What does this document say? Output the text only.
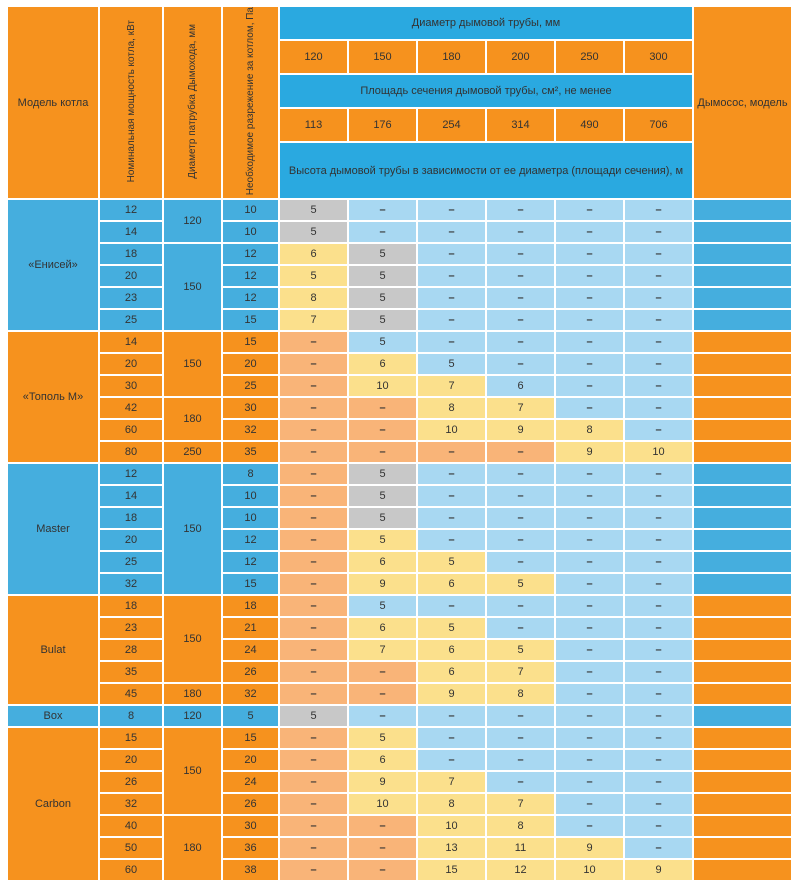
Модель котла	Номинальная мощность котла, кВт	Диаметр патрубка Дымохода, мм	Необходимое разрежение за котлом, Па	Диаметр дымовой трубы, мм						Дымосос, модель
				120	150	180	200	250	300	
				Площадь сечения дымовой трубы, см², не менее						
				113	176	254	314	490	706	
				Высота дымовой трубы в зависимости от ее диаметра (площади сечения), м						
«Енисей»	12	120	10	5	–	–	–	–	–	
	14		10	5	–	–	–	–	–	
	18	150	12	6	5	–	–	–	–	
	20		12	5	5	–	–	–	–	
	23		12	8	5	–	–	–	–	
	25		15	7	5	–	–	–	–	
«Тополь М»	14	150	15	–	5	–	–	–	–	
	20		20	–	6	5	–	–	–	
	30		25	–	10	7	6	–	–	
	42	180	30	–	–	8	7	–	–	
	60		32	–	–	10	9	8	–	
	80	250	35	–	–	–	–	9	10	
Master	12	150	8	–	5	–	–	–	–	
	14		10	–	5	–	–	–	–	
	18		10	–	5	–	–	–	–	
	20		12	–	5	–	–	–	–	
	25		12	–	6	5	–	–	–	
	32		15	–	9	6	5	–	–	
Bulat	18	150	18	–	5	–	–	–	–	
	23		21	–	6	5	–	–	–	
	28		24	–	7	6	5	–	–	
	35		26	–	–	6	7	–	–	
	45	180	32	–	–	9	8	–	–	
Box	8	120	5	5	–	–	–	–	–	
Carbon	15	150	15	–	5	–	–	–	–	
	20		20	–	6	–	–	–	–	
	26		24	–	9	7	–	–	–	
	32		26	–	10	8	7	–	–	
	40	180	30	–	–	10	8	–	–	
	50		36	–	–	13	11	9	–	
	60		38	–	–	15	12	10	9	
